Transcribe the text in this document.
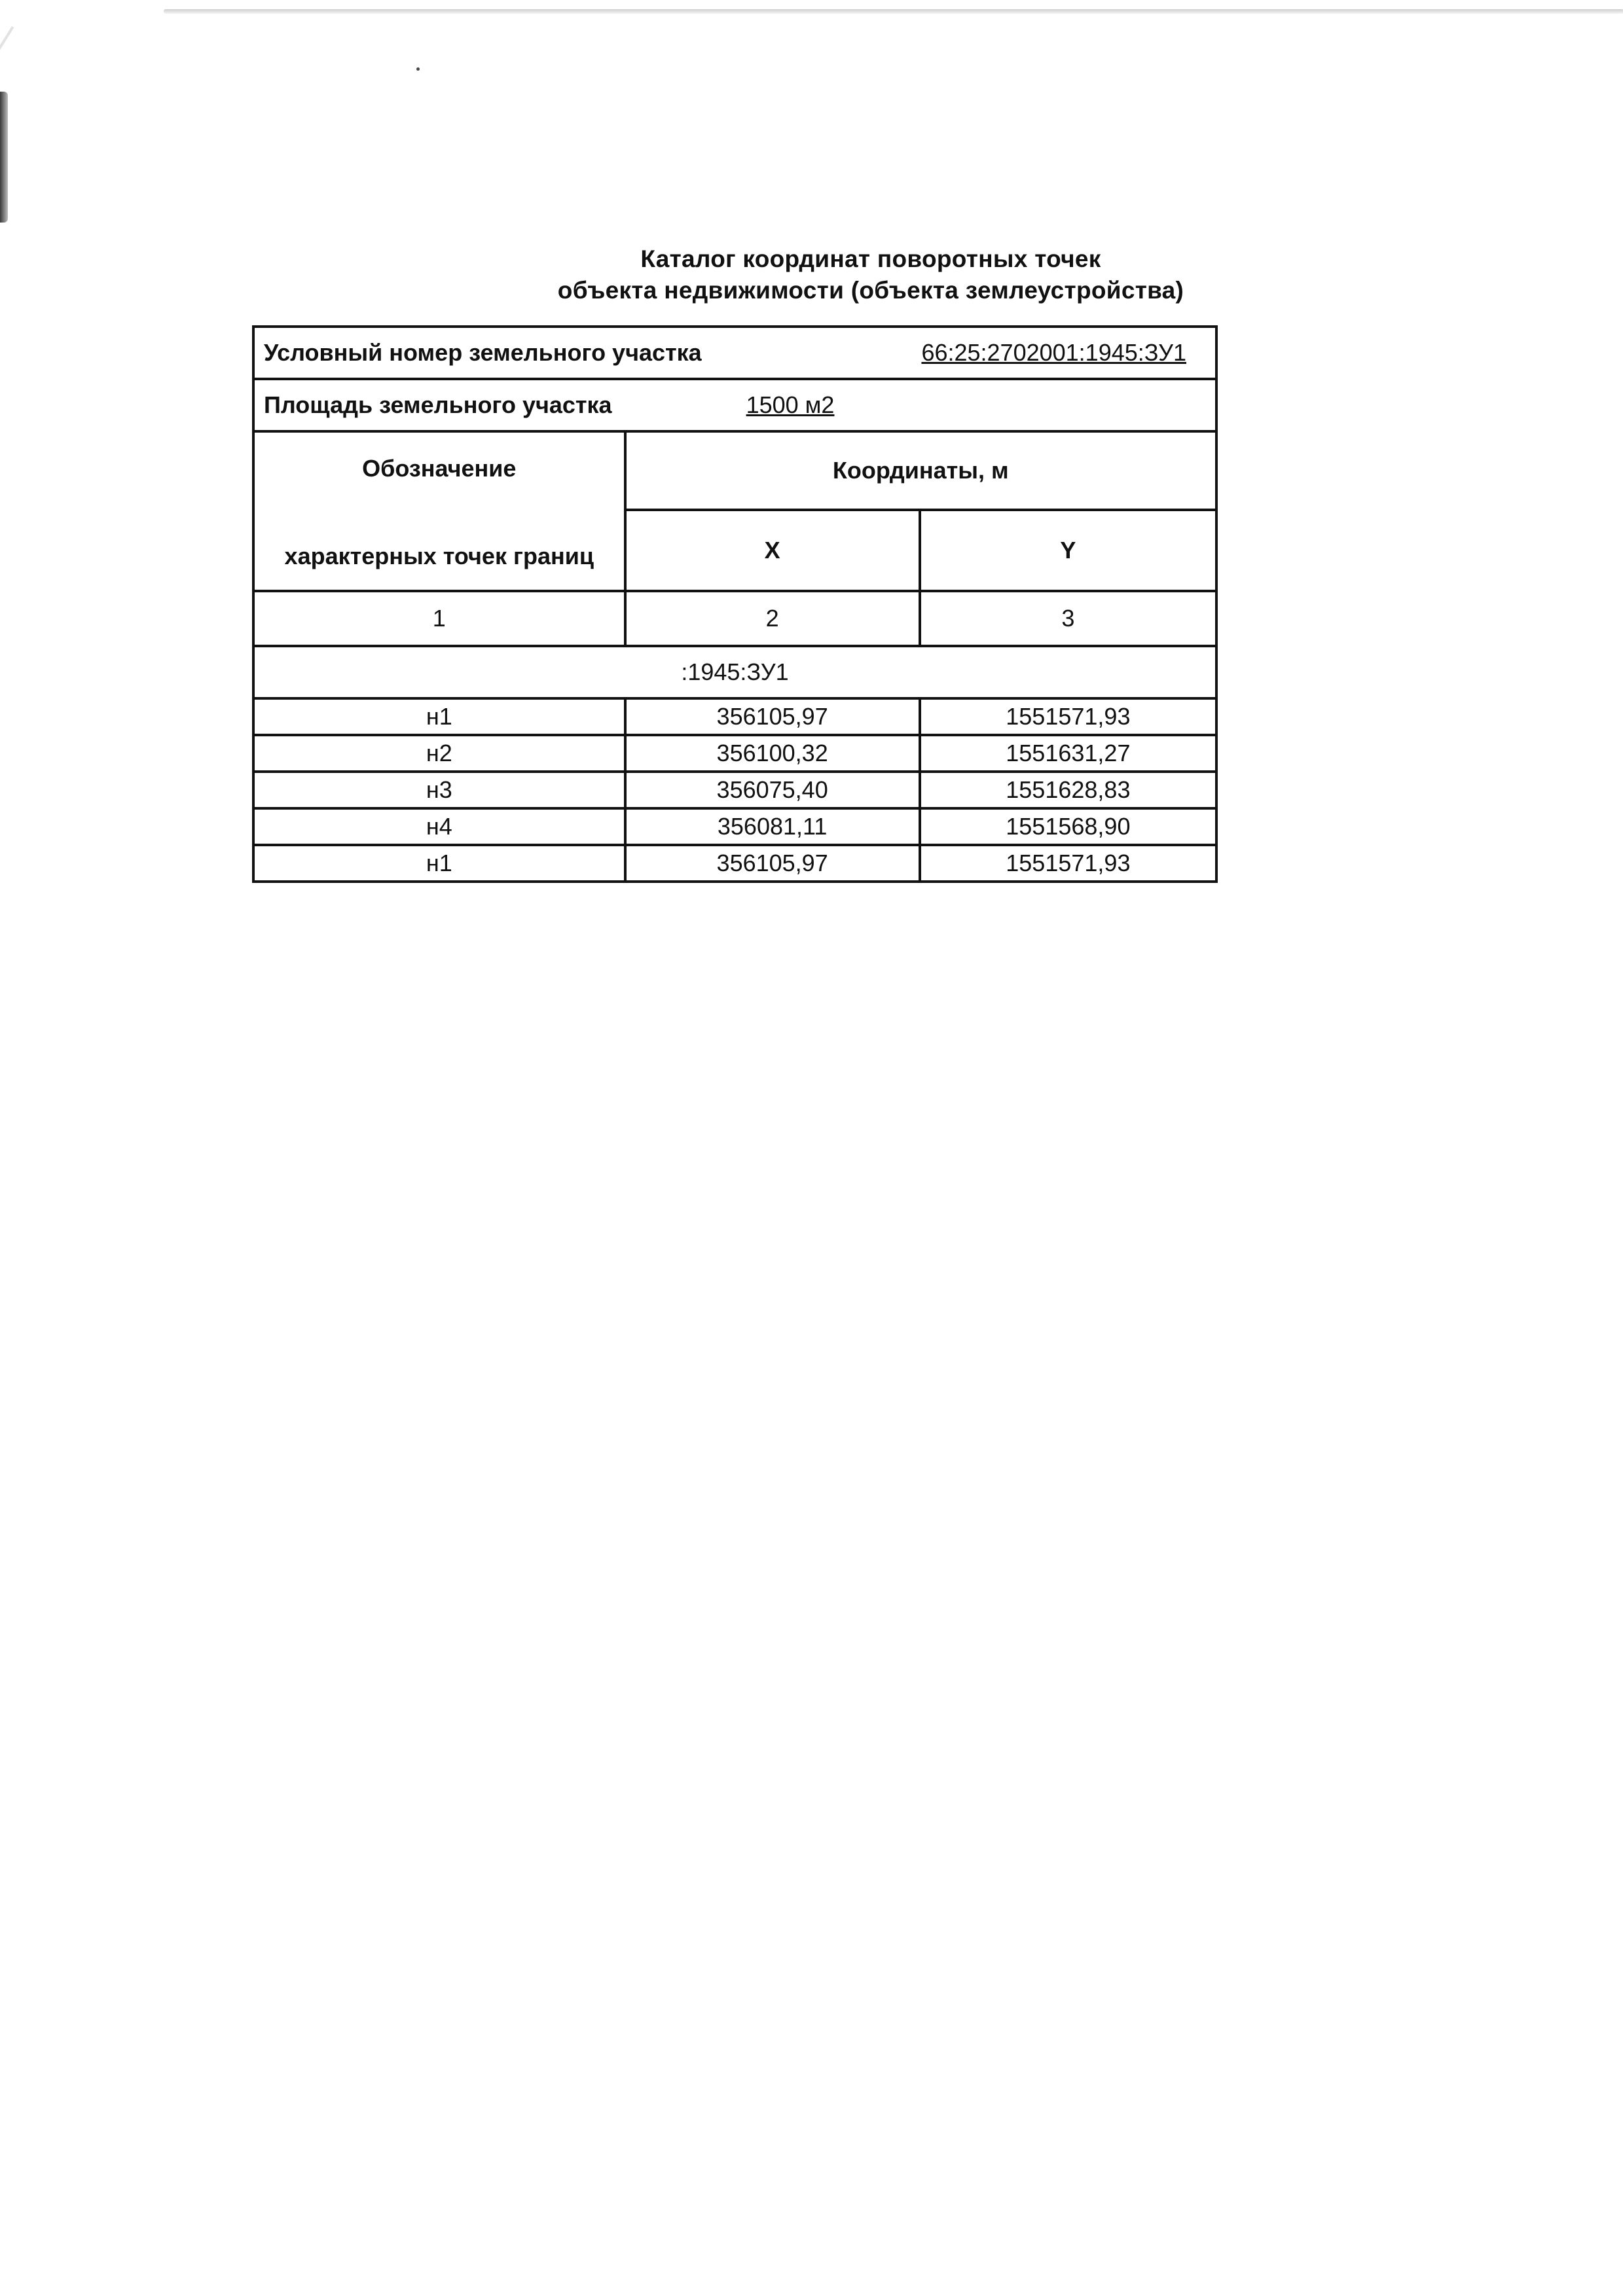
Каталог координат поворотных точек
объекта недвижимости (объекта землеустройства)
Условный номер земельного участка 66:25:2702001:1945:ЗУ1		

Площадь земельного участка 1500 м2		

Обозначение
характерных точек границ	Координаты, м	
	X	Y
1	2	3
:1945:ЗУ1		
н1	356105,97	1551571,93
н2	356100,32	1551631,27
н3	356075,40	1551628,83
н4	356081,11	1551568,90
н1	356105,97	1551571,93
